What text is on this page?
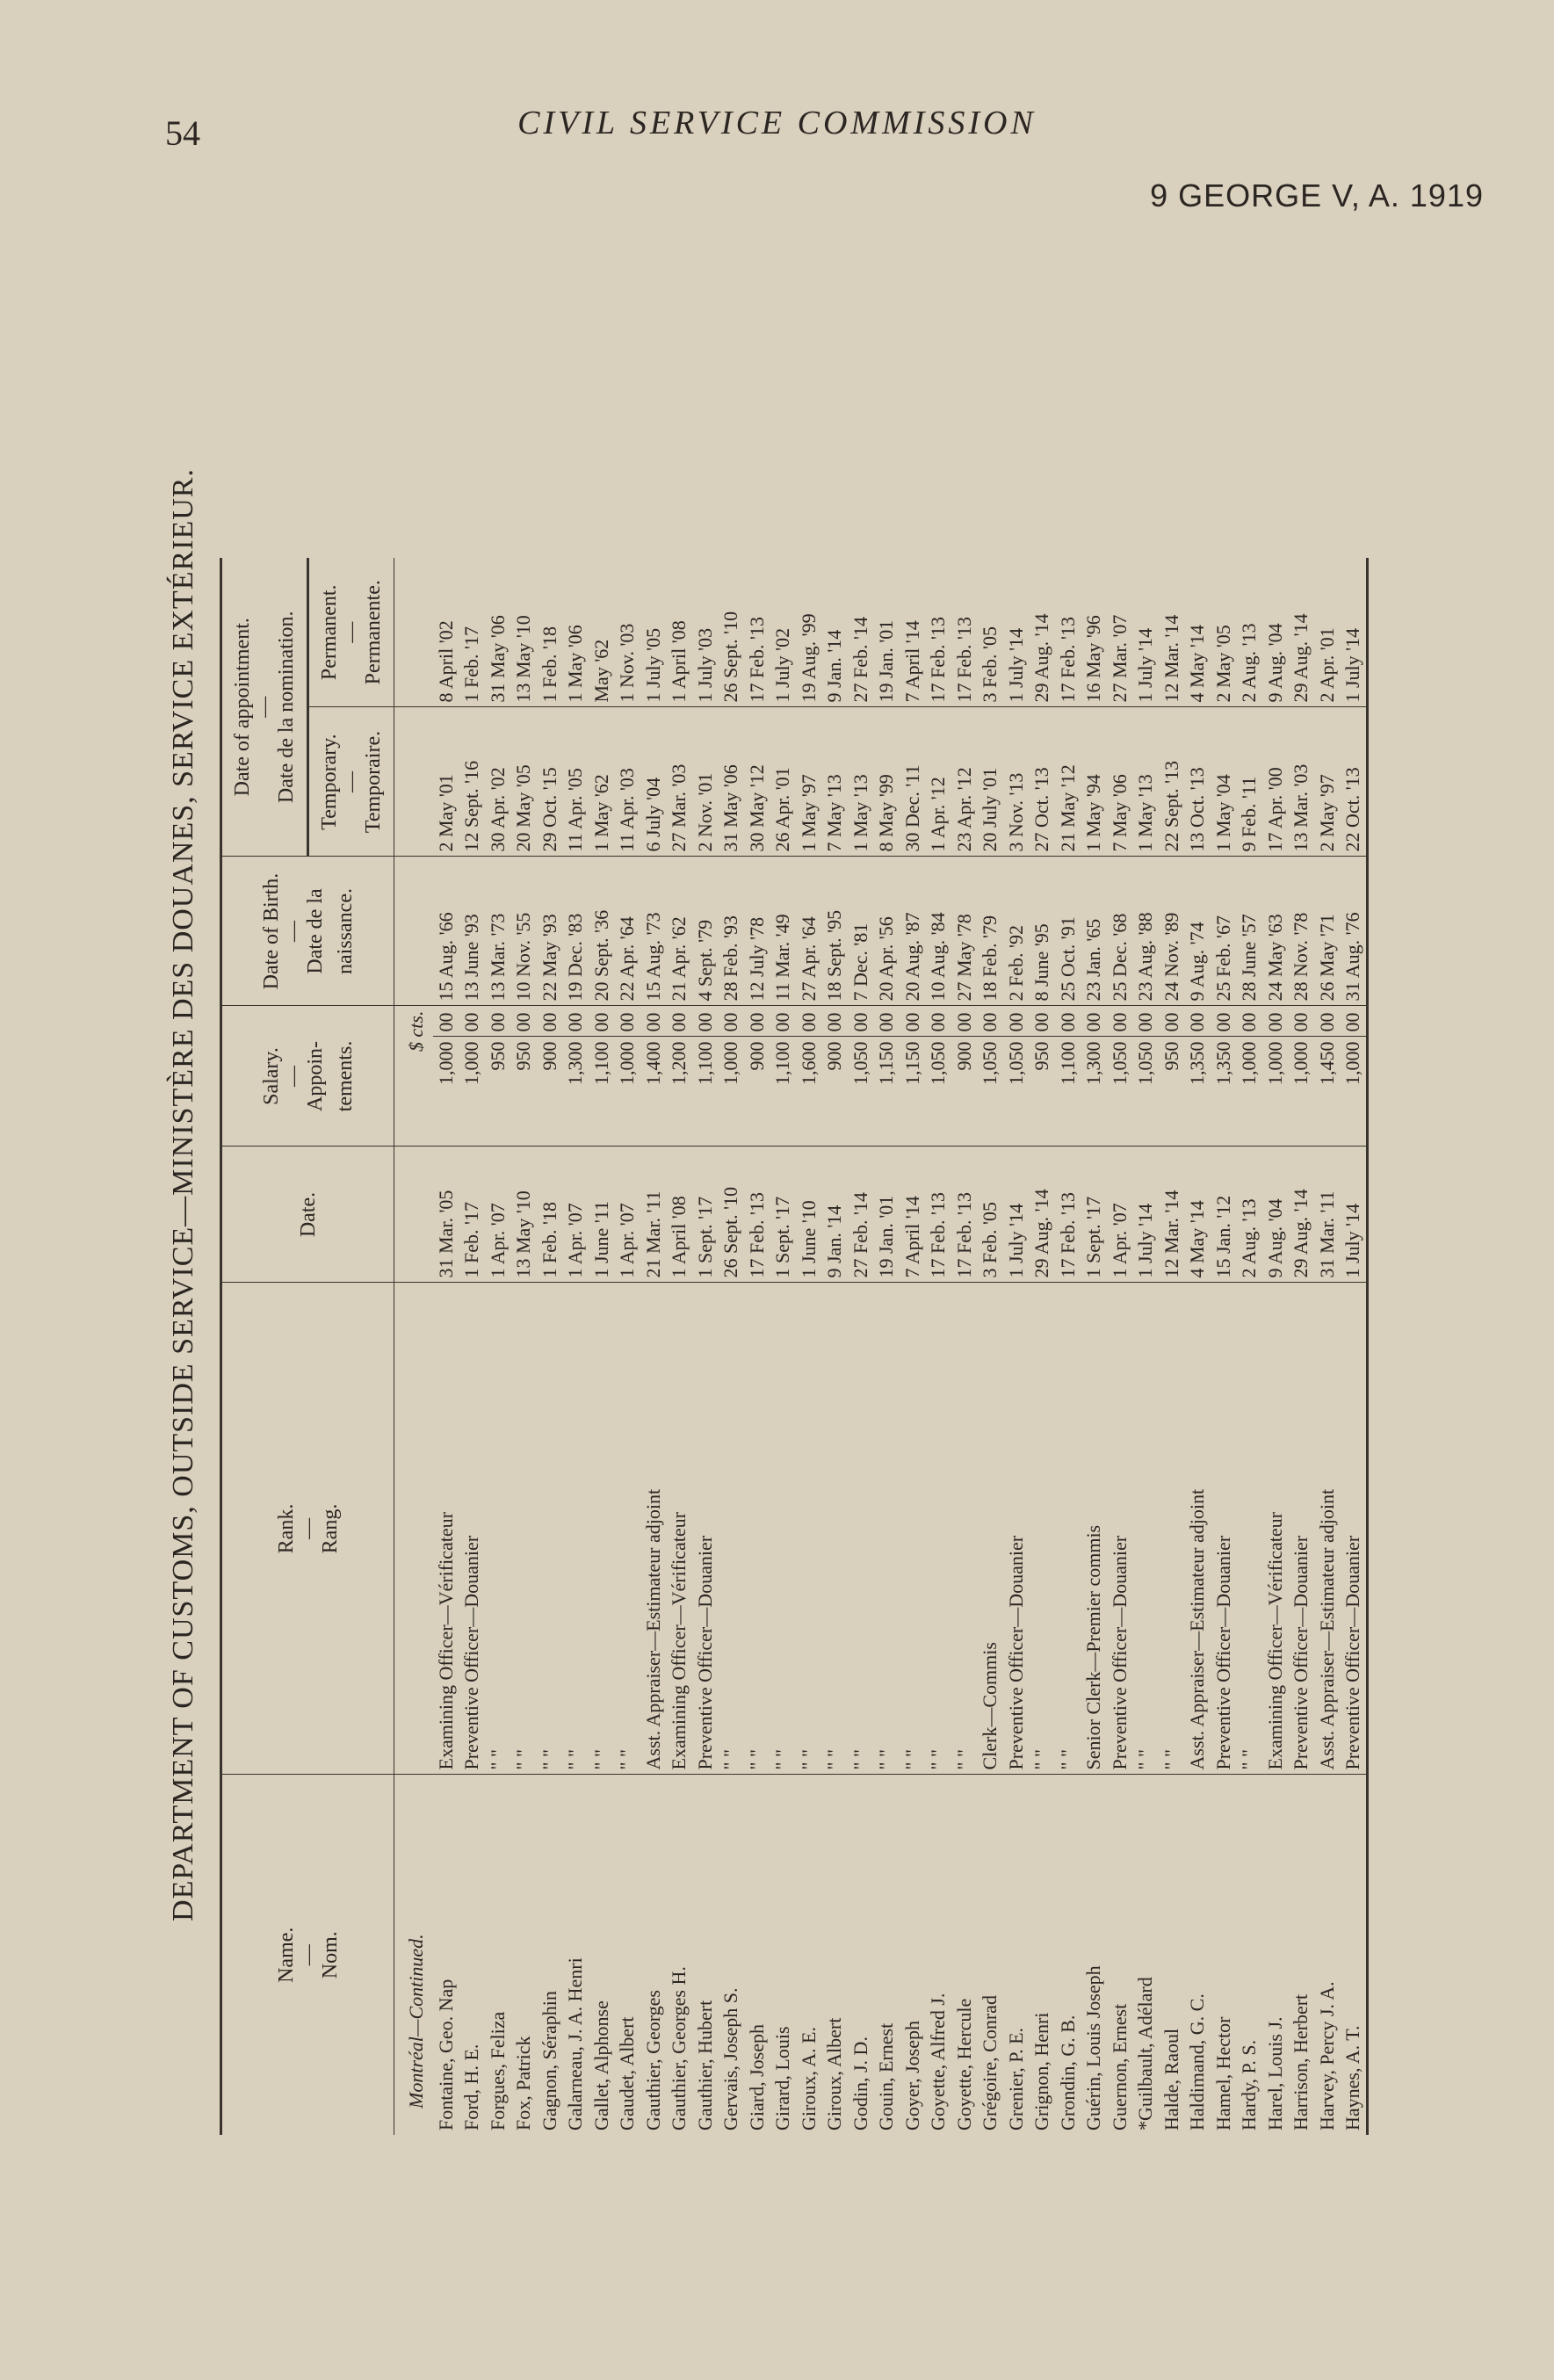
54	CIVIL SERVICE COMMISSION
9 GEORGE V, A. 1919
DEPARTMENT OF CUSTOMS, OUTSIDE SERVICE—MINISTÈRE DES DOUANES, SERVICE EXTÉRIEUR.
Name. — Nom.	Rank. — Rang.	Date.	Salary. — Appoin-tements.		Date of Birth. — Date de la naissance.	Date of appointment. — Date de la nomination.	
						Temporary. — Temporaire.	Permanent. — Permanente.
Montréal—Continued.			$ cts.				
Fontaine, Geo. Nap	Examining Officer—Vérificateur	31 Mar. '05	1,000	00	15 Aug. '66	2 May '01	8 April '02
Ford, H. E.	Preventive Officer—Douanier	1 Feb. '17	1,000	00	13 June '93	12 Sept. '16	1 Feb. '17
Forgues, Feliza	" "	1 Apr. '07	950	00	13 Mar. '73	30 Apr. '02	31 May '06
Fox, Patrick	" "	13 May '10	950	00	10 Nov. '55	20 May '05	13 May '10
Gagnon, Séraphin	" "	1 Feb. '18	900	00	22 May '93	29 Oct. '15	1 Feb. '18
Galarneau, J. A. Henri	" "	1 Apr. '07	1,300	00	19 Dec. '83	11 Apr. '05	1 May '06
Gallet, Alphonse	" "	1 June '11	1,100	00	20 Sept. '36	1 May '62	May '62
Gaudet, Albert	" "	1 Apr. '07	1,000	00	22 Apr. '64	11 Apr. '03	1 Nov. '03
Gauthier, Georges	Asst. Appraiser—Estimateur adjoint	21 Mar. '11	1,400	00	15 Aug. '73	6 July '04	1 July '05
Gauthier, Georges H.	Examining Officer—Vérificateur	1 April '08	1,200	00	21 Apr. '62	27 Mar. '03	1 April '08
Gauthier, Hubert	Preventive Officer—Douanier	1 Sept. '17	1,100	00	4 Sept. '79	2 Nov. '01	1 July '03
Gervais, Joseph S.	" "	26 Sept. '10	1,000	00	28 Feb. '93	31 May '06	26 Sept. '10
Giard, Joseph	" "	17 Feb. '13	900	00	12 July '78	30 May '12	17 Feb. '13
Girard, Louis	" "	1 Sept. '17	1,100	00	11 Mar. '49	26 Apr. '01	1 July '02
Giroux, A. E.	" "	1 June '10	1,600	00	27 Apr. '64	1 May '97	19 Aug. '99
Giroux, Albert	" "	9 Jan. '14	900	00	18 Sept. '95	7 May '13	9 Jan. '14
Godin, J. D.	" "	27 Feb. '14	1,050	00	7 Dec. '81	1 May '13	27 Feb. '14
Gouin, Ernest	" "	19 Jan. '01	1,150	00	20 Apr. '56	8 May '99	19 Jan. '01
Goyer, Joseph	" "	7 April '14	1,150	00	20 Aug. '87	30 Dec. '11	7 April '14
Goyette, Alfred J.	" "	17 Feb. '13	1,050	00	10 Aug. '84	1 Apr. '12	17 Feb. '13
Goyette, Hercule	" "	17 Feb. '13	900	00	27 May '78	23 Apr. '12	17 Feb. '13
Grégoire, Conrad	Clerk—Commis	3 Feb. '05	1,050	00	18 Feb. '79	20 July '01	3 Feb. '05
Grenier, P. E.	Preventive Officer—Douanier	1 July '14	1,050	00	2 Feb. '92	3 Nov. '13	1 July '14
Grignon, Henri	" "	29 Aug. '14	950	00	8 June '95	27 Oct. '13	29 Aug. '14
Grondin, G. B.	" "	17 Feb. '13	1,100	00	25 Oct. '91	21 May '12	17 Feb. '13
Guérin, Louis Joseph	Senior Clerk—Premier commis	1 Sept. '17	1,300	00	23 Jan. '65	1 May '94	16 May '96
Guernon, Ernest	Preventive Officer—Douanier	1 Apr. '07	1,050	00	25 Dec. '68	7 May '06	27 Mar. '07
*Guilbault, Adélard	" "	1 July '14	1,050	00	23 Aug. '88	1 May '13	1 July '14
Halde, Raoul	" "	12 Mar. '14	950	00	24 Nov. '89	22 Sept. '13	12 Mar. '14
Haldimand, G. C.	Asst. Appraiser—Estimateur adjoint	4 May '14	1,350	00	9 Aug. '74	13 Oct. '13	4 May '14
Hamel, Hector	Preventive Officer—Douanier	15 Jan. '12	1,350	00	25 Feb. '67	1 May '04	2 May '05
Hardy, P. S.	" "	2 Aug. '13	1,000	00	28 June '57	9 Feb. '11	2 Aug. '13
Harel, Louis J.	Examining Officer—Vérificateur	9 Aug. '04	1,000	00	24 May '63	17 Apr. '00	9 Aug. '04
Harrison, Herbert	Preventive Officer—Douanier	29 Aug. '14	1,000	00	28 Nov. '78	13 Mar. '03	29 Aug. '14
Harvey, Percy J. A.	Asst. Appraiser—Estimateur adjoint	31 Mar. '11	1,450	00	26 May '71	2 May '97	2 Apr. '01
Haynes, A. T.	Preventive Officer—Douanier	1 July '14	1,000	00	31 Aug. '76	22 Oct. '13	1 July '14
